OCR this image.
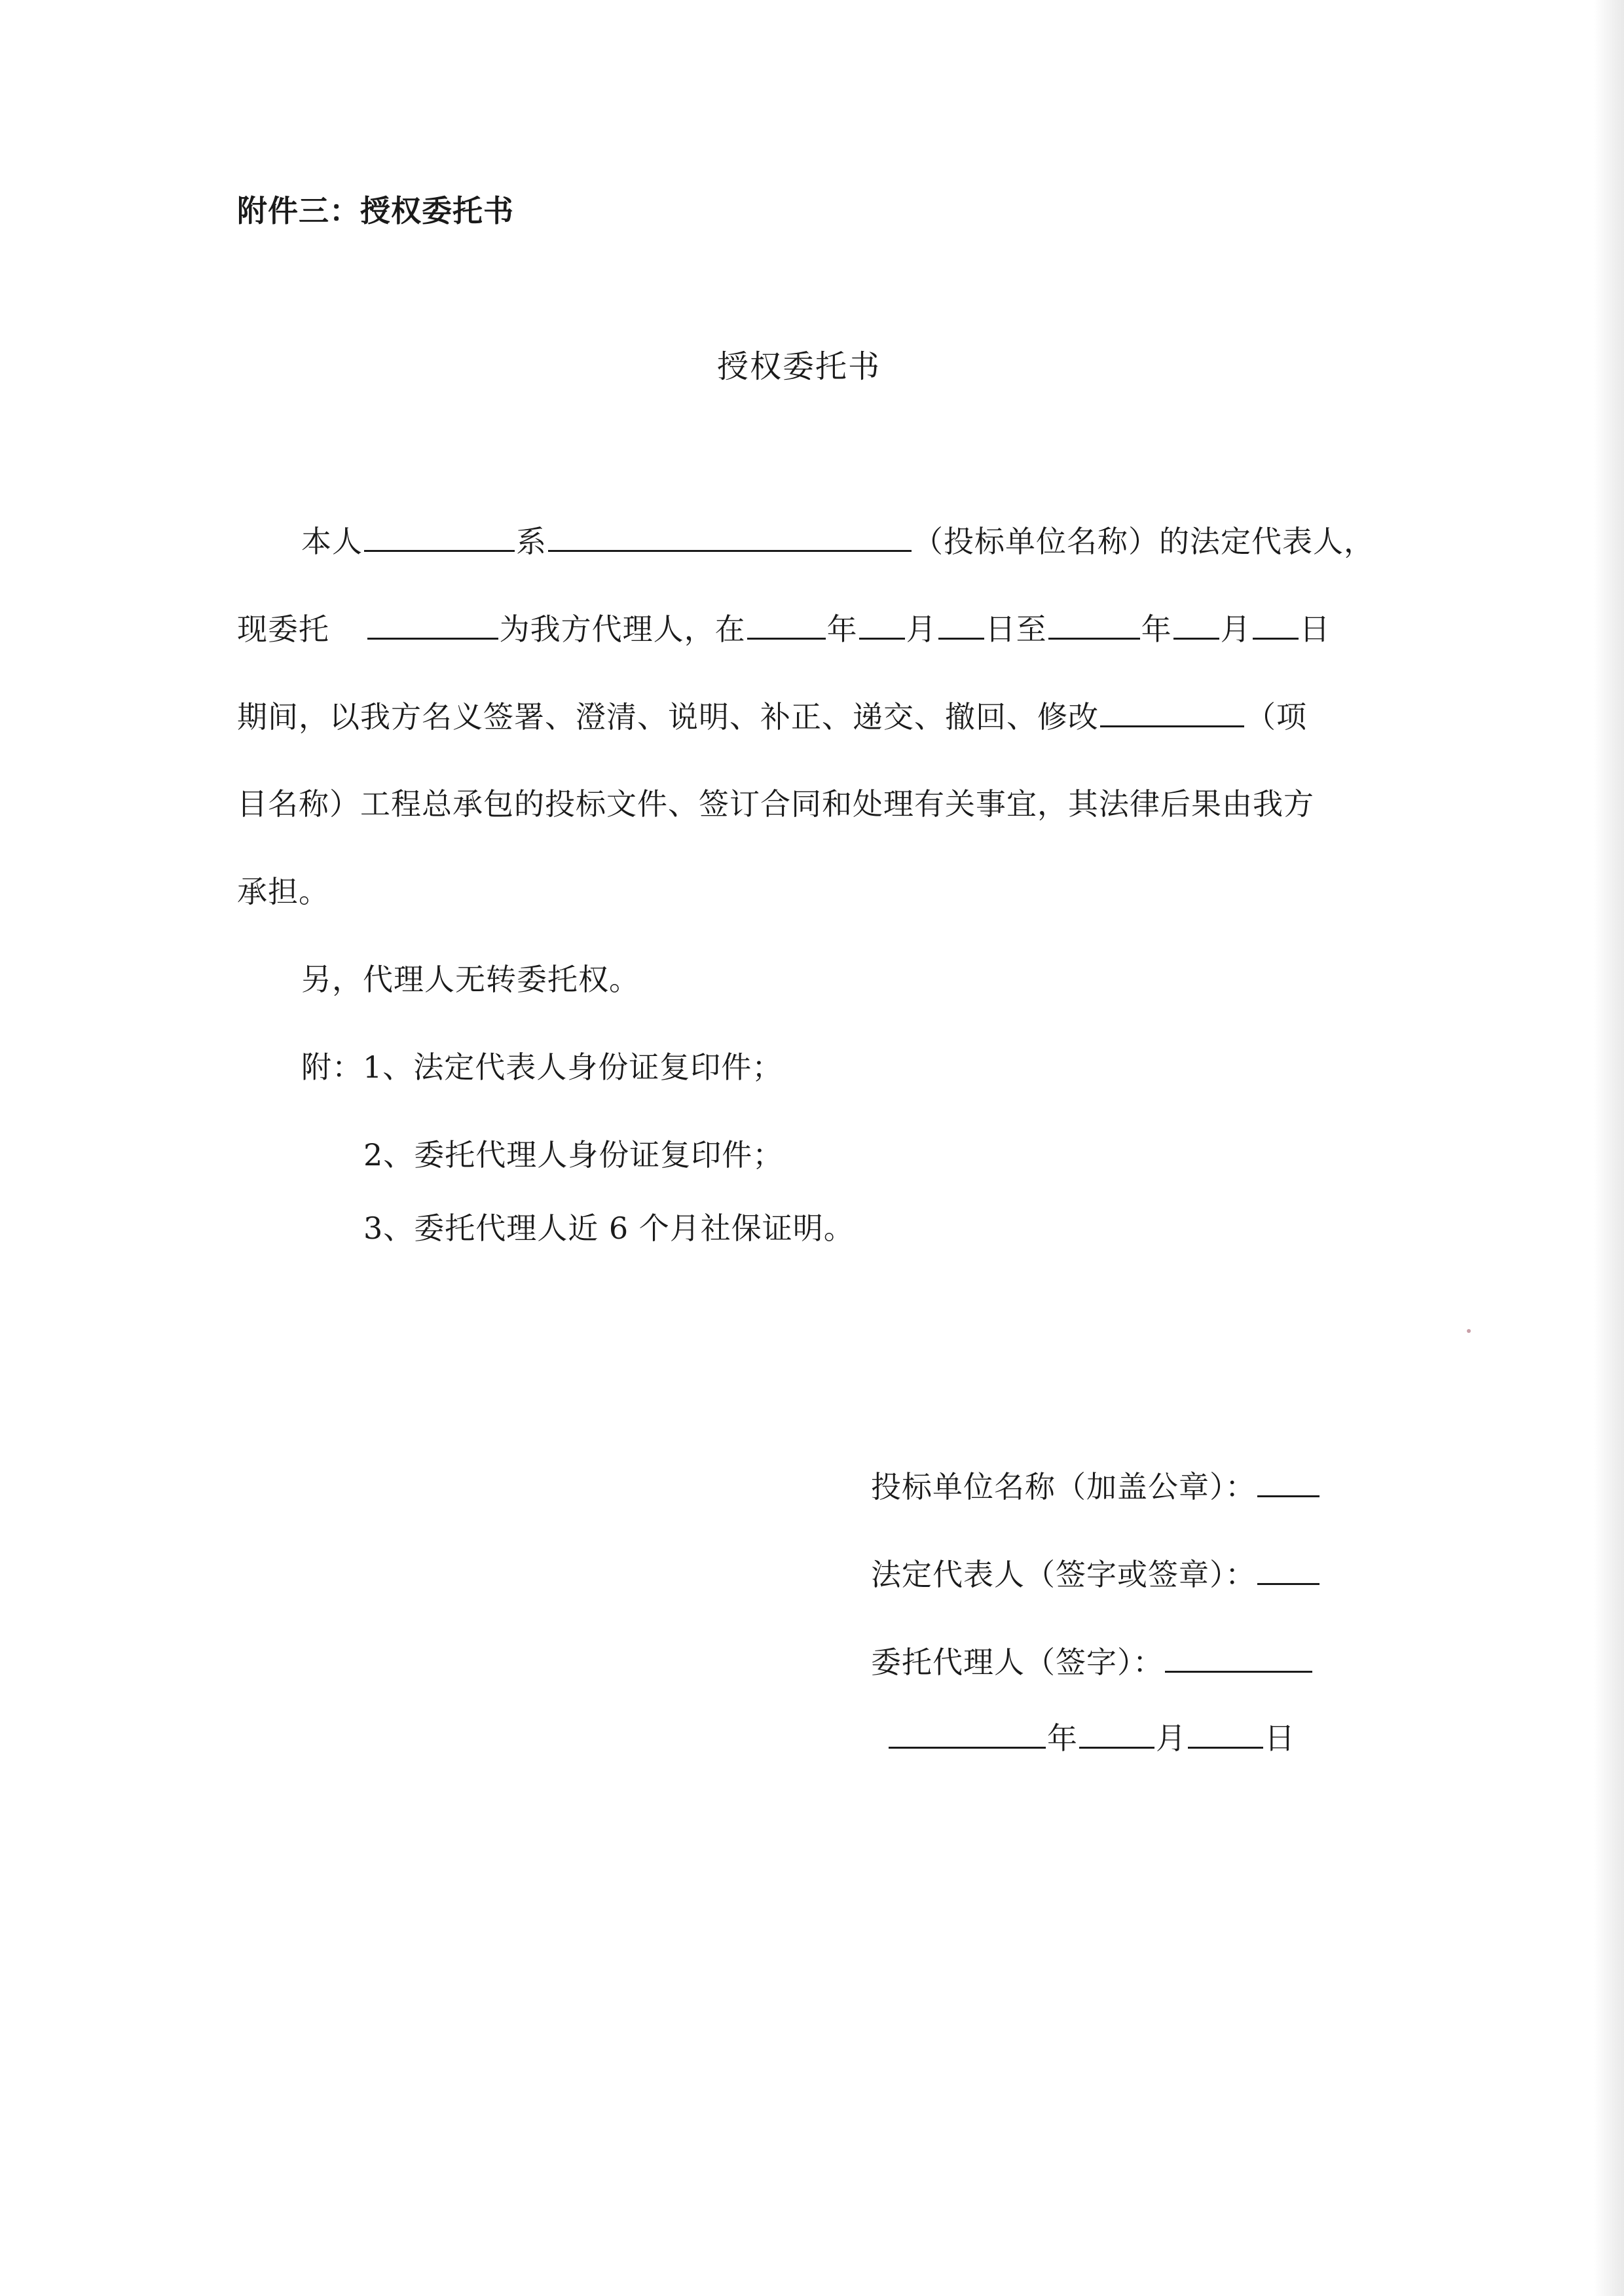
附件三：授权委托书
授权委托书
本人	系	（投标单位名称）的法定代表人，
现委托	为我方代理人，在	年 月 日至	年 月 日
期间，以我方名义签署、澄清、说明、补正、递交、撤回、修改	（项
目名称）工程总承包的投标文件、签订合同和处理有关事宜，其法律后果由我方
承担。
另，代理人无转委托权。
附：1、法定代表人身份证复印件；
2、委托代理人身份证复印件；
3、委托代理人近 6 个月社保证明。
投标单位名称（加盖公章）：
法定代表人（签字或签章）：
委托代理人（签字）：
年	月	日
